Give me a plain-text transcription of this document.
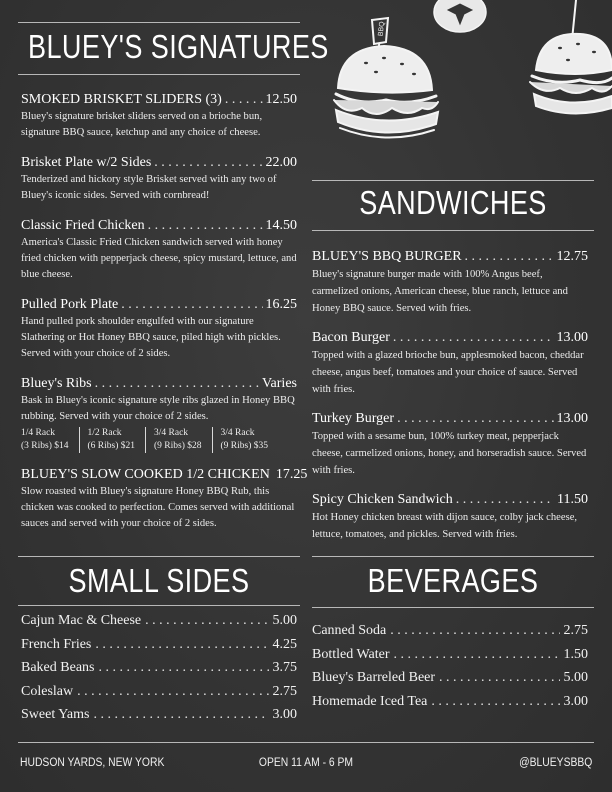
BLUEY'S SIGNATURES
SMOKED BRISKET SLIDERS (3) . . .	12.50
Bluey's signature brisket sliders served on a brioche bun, signature BBQ sauce, ketchup and any choice of cheese.
Brisket Plate w/2 Sides . . .	22.00
Tenderized and hickory style Brisket served with any two of Bluey's iconic sides. Served with cornbread!
Classic Fried Chicken . . .	14.50
America's Classic Fried Chicken sandwich served with honey fried chicken with pepperjack cheese, spicy mustard, lettuce, and blue cheese.
Pulled Pork Plate . . .	16.25
Hand pulled pork shoulder engulfed with our signature Slathering or Hot Honey BBQ sauce, piled high with pickles. Served with your choice of 2 sides.
Bluey's Ribs . . .	Varies
Bask in Bluey's iconic signature style ribs glazed in Honey BBQ rubbing. Served with your choice of 2 sides.
1/4 Rack
(3 Ribs) $14
1/2 Rack
(6 Ribs) $21
3/4 Rack
(9 Ribs) $28
3/4 Rack
(9 Ribs) $35
BLUEY'S SLOW COOKED 1/2 CHICKEN 17.25
Slow roasted with Bluey's signature Honey BBQ Rub, this chicken was cooked to perfection. Comes served with additional sauces and served with your choice of 2 sides.
BBQ
SANDWICHES
BLUEY'S BBQ BURGER . . .	12.75
Bluey's signature burger made with 100% Angus beef, carmelized onions, American cheese, blue ranch, lettuce and Honey BBQ sauce. Served with fries.
Bacon Burger . . .	13.00
Topped with a glazed brioche bun, applesmoked bacon, cheddar cheese, angus beef, tomatoes and your choice of sauce. Served with fries.
Turkey Burger . . .	13.00
Topped with a sesame bun, 100% turkey meat, pepperjack cheese, carmelized onions, honey, and horseradish sauce. Served with fries.
Spicy Chicken Sandwich . . .	11.50
Hot Honey chicken breast with dijon sauce, colby jack cheese, lettuce, tomatoes, and pickles. Served with fries.
SMALL SIDES
Cajun Mac & Cheese . . .	5.00
French Fries . . .	4.25
Baked Beans . . .	3.75
Coleslaw . . .	2.75
Sweet Yams . . .	3.00
BEVERAGES
Canned Soda . . .	2.75
Bottled Water . . .	1.50
Bluey's Barreled Beer . . .	5.00
Homemade Iced Tea . . .	3.00
HUDSON YARDS, NEW YORK	OPEN 11 AM - 6 PM	@BLUEYSBBQ
